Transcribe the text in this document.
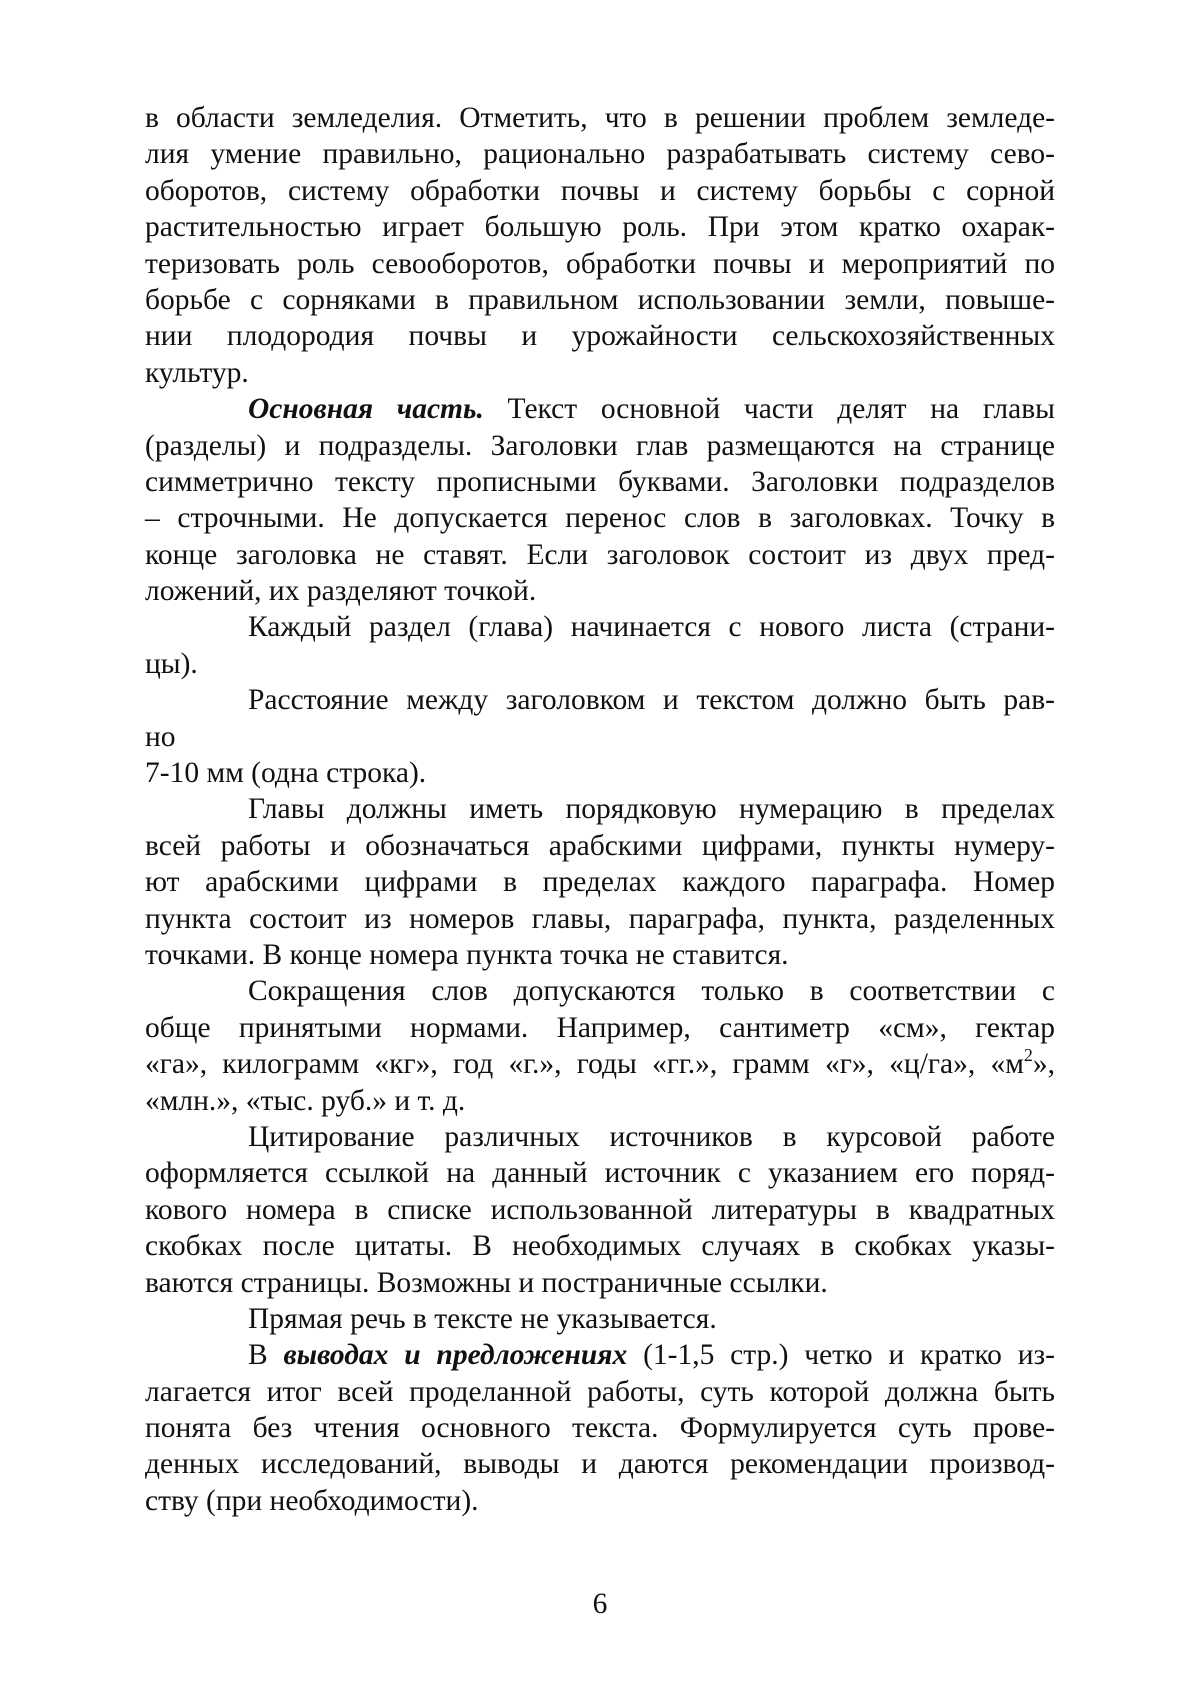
в области земледелия. Отметить, что в решении проблем земледе-
лия умение правильно, рационально разрабатывать систему сево-
оборотов, систему обработки почвы и систему борьбы с сорной
растительностью играет большую роль. При этом кратко охарак-
теризовать роль севооборотов, обработки почвы и мероприятий по
борьбе с сорняками в правильном использовании земли, повыше-
нии плодородия почвы и урожайности сельскохозяйственных
культур.
Основная часть. Текст основной части делят на главы
(разделы) и подразделы. Заголовки глав размещаются на странице
симметрично тексту прописными буквами. Заголовки подразделов
– строчными. Не допускается перенос слов в заголовках. Точку в
конце заголовка не ставят. Если заголовок состоит из двух пред-
ложений, их разделяют точкой.
Каждый раздел (глава) начинается с нового листа (страни-
цы).
Расстояние между заголовком и текстом должно быть рав-
но
7-10 мм (одна строка).
Главы должны иметь порядковую нумерацию в пределах
всей работы и обозначаться арабскими цифрами, пункты нумеру-
ют арабскими цифрами в пределах каждого параграфа. Номер
пункта состоит из номеров главы, параграфа, пункта, разделенных
точками. В конце номера пункта точка не ставится.
Сокращения слов допускаются только в соответствии с
обще принятыми нормами. Например, сантиметр «см», гектар
«га», килограмм «кг», год «г.», годы «гг.», грамм «г», «ц/га», «м2»,
«млн.», «тыс. руб.» и т. д.
Цитирование различных источников в курсовой работе
оформляется ссылкой на данный источник с указанием его поряд-
кового номера в списке использованной литературы в квадратных
скобках после цитаты. В необходимых случаях в скобках указы-
ваются страницы. Возможны и постраничные ссылки.
Прямая речь в тексте не указывается.
В выводах и предложениях (1-1,5 стр.) четко и кратко из-
лагается итог всей проделанной работы, суть которой должна быть
понята без чтения основного текста. Формулируется суть прове-
денных исследований, выводы и даются рекомендации производ-
ству (при необходимости).
6
